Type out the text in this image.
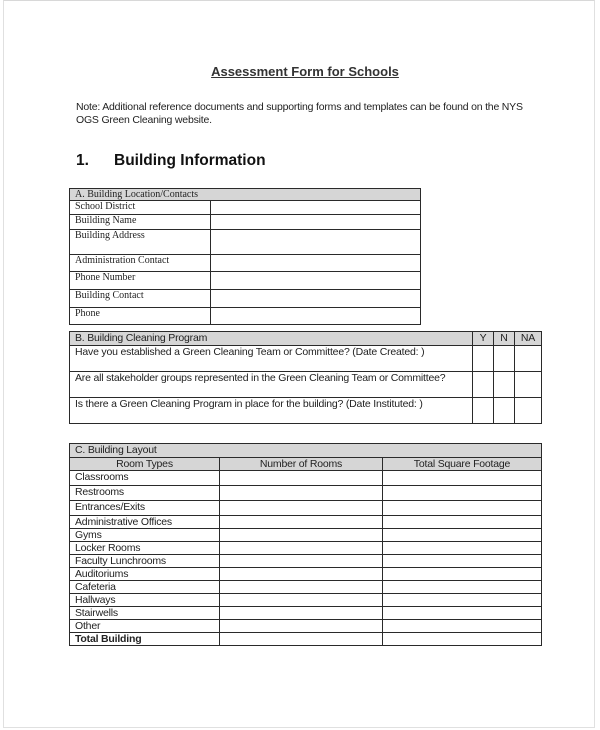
Assessment Form for Schools
Note: Additional reference documents and supporting forms and templates can be found on the NYS OGS Green Cleaning website.
1. Building Information
A. Building Location/Contacts	
School District	
Building Name	
Building Address	
Administration Contact	
Phone Number	
Building Contact	
Phone	
B. Building Cleaning Program	Y	N	NA
Have you established a Green Cleaning Team or Committee? (Date Created: )			
Are all stakeholder groups represented in the Green Cleaning Team or Committee?			
Is there a Green Cleaning Program in place for the building? (Date Instituted: )			
C. Building Layout		
Room Types	Number of Rooms	Total Square Footage
Classrooms		
Restrooms		
Entrances/Exits		
Administrative Offices		
Gyms		
Locker Rooms		
Faculty Lunchrooms		
Auditoriums		
Cafeteria		
Hallways		
Stairwells		
Other		
Total Building		
